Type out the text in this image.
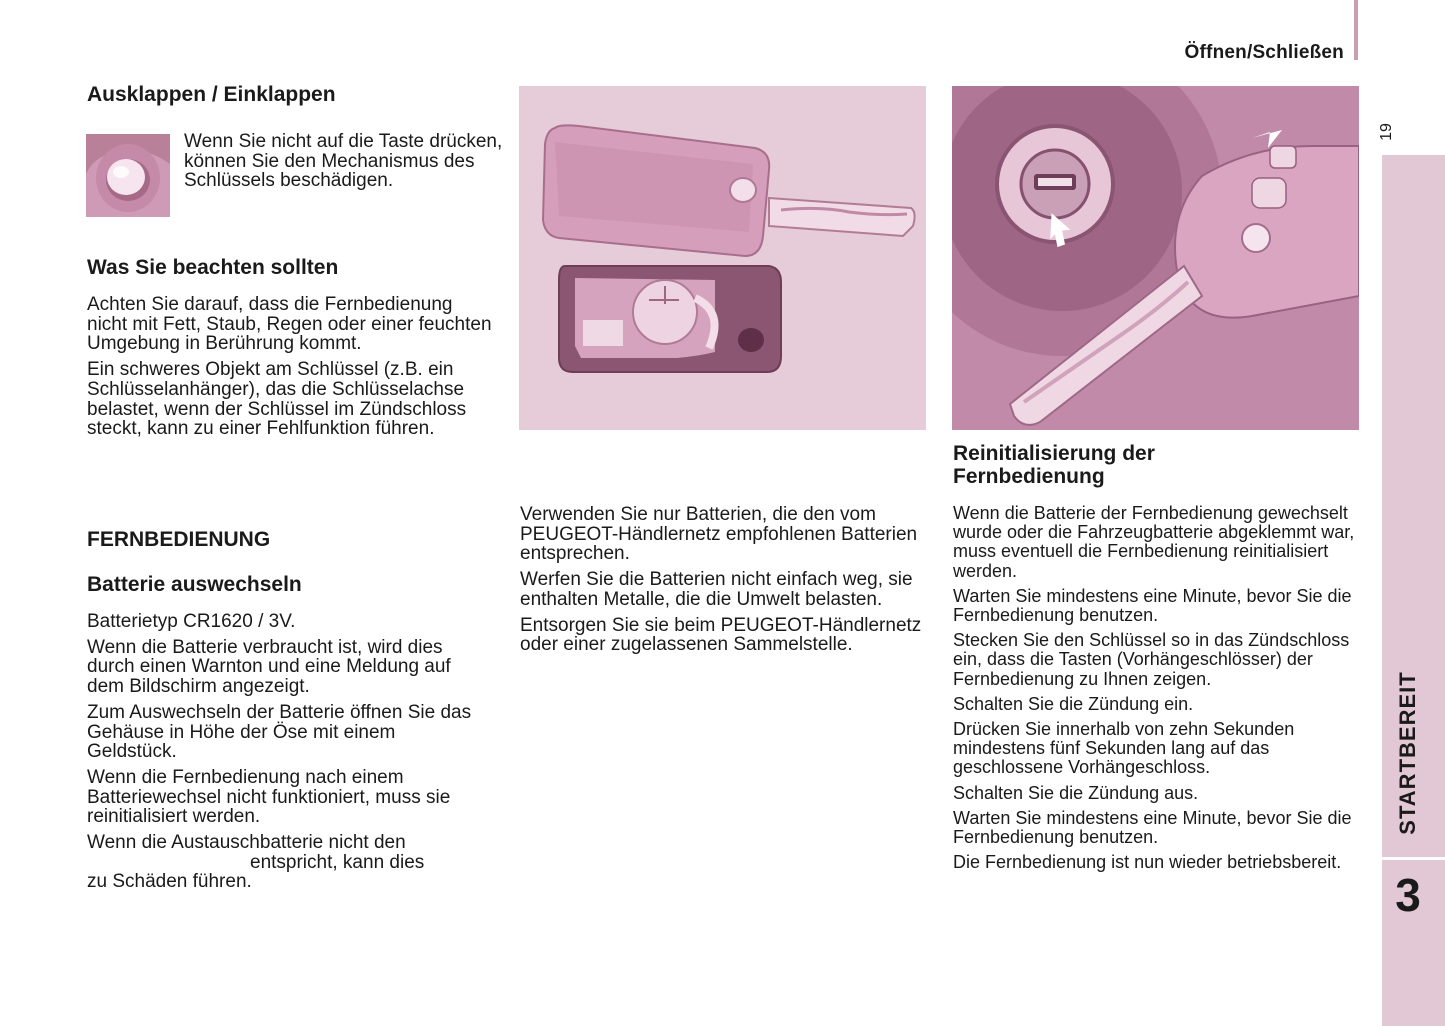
Öffnen/Schließen
19
STARTBEREIT
3
Ausklappen / Einklappen

Wenn Sie nicht auf die Taste drücken, können Sie den Mechanismus des Schlüssels beschädigen.

Was Sie beachten sollten

Achten Sie darauf, dass die Fernbedienung nicht mit Fett, Staub, Regen oder einer feuchten Umgebung in Berührung kommt.

Ein schweres Objekt am Schlüssel (z.B. ein Schlüsselanhänger), das die Schlüsselachse belastet, wenn der Schlüssel im Zündschloss steckt, kann zu einer Fehlfunktion führen.

FERNBEDIENUNG
Batterie auswechseln

Batterietyp CR1620 / 3V.

Wenn die Batterie verbraucht ist, wird dies durch einen Warnton und eine Meldung auf dem Bildschirm angezeigt.

Zum Auswechseln der Batterie öffnen Sie das Gehäuse in Höhe der Öse mit einem Geldstück.

Wenn die Fernbedienung nach einem Batteriewechsel nicht funktioniert, muss sie reinitialisiert werden.

Wenn die Austauschbatterie nicht den
entspricht, kann dies
zu Schäden führen.

Verwenden Sie nur Batterien, die den vom PEUGEOT-Händlernetz empfohlenen Batterien entsprechen.

Werfen Sie die Batterien nicht einfach weg, sie enthalten Metalle, die die Umwelt belasten.

Entsorgen Sie sie beim PEUGEOT-Händlernetz oder einer zugelassenen Sammelstelle.

Reinitialisierung der Fernbedienung

Wenn die Batterie der Fernbedienung gewechselt wurde oder die Fahrzeugbatterie abgeklemmt war, muss eventuell die Fernbedienung reinitialisiert werden.

Warten Sie mindestens eine Minute, bevor Sie die Fernbedienung benutzen.

Stecken Sie den Schlüssel so in das Zündschloss ein, dass die Tasten (Vorhängeschlösser) der Fernbedienung zu Ihnen zeigen.

Schalten Sie die Zündung ein.

Drücken Sie innerhalb von zehn Sekunden mindestens fünf Sekunden lang auf das geschlossene Vorhängeschloss.

Schalten Sie die Zündung aus.

Warten Sie mindestens eine Minute, bevor Sie die Fernbedienung benutzen.

Die Fernbedienung ist nun wieder betriebsbereit.
